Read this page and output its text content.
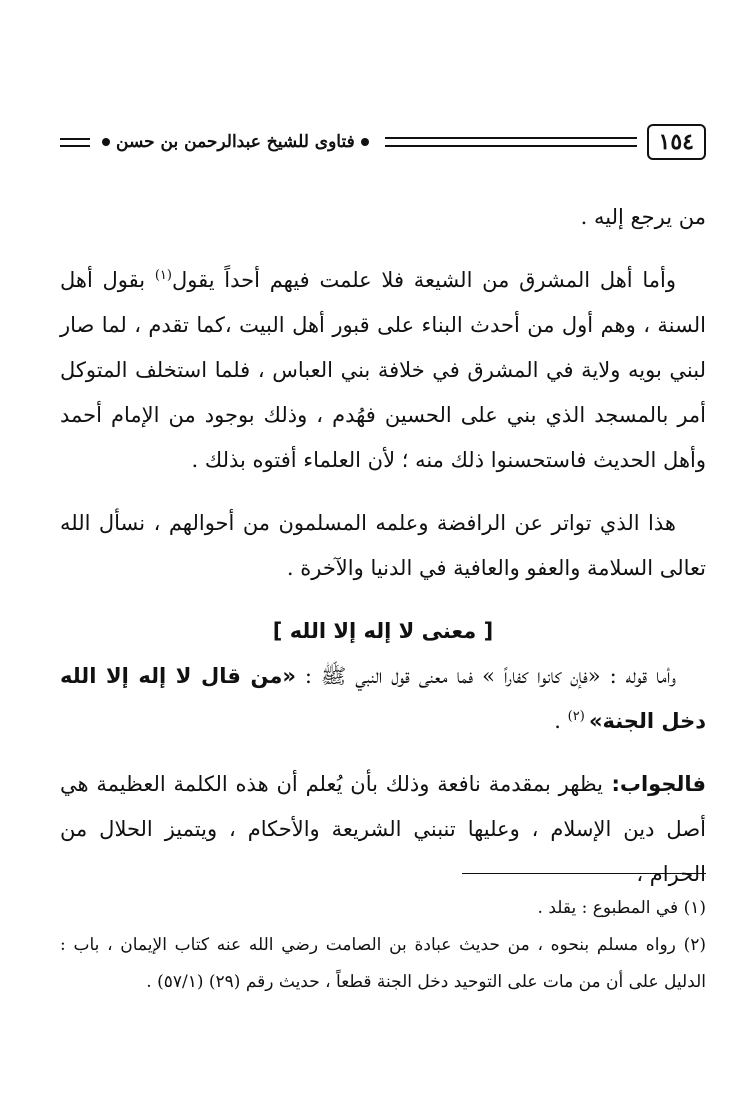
١٥٤
فتاوى للشيخ عبدالرحمن بن حسن

من يرجع إليه .

وأما أهل المشرق من الشيعة فلا علمت فيهم أحداً يقول$^{(١)}$ بقول أهل السنة ، وهم أول من أحدث البناء على قبور أهل البيت ،كما تقدم ، لما صار لبني بويه ولاية في المشرق في خلافة بني العباس ، فلما استخلف المتوكل أمر بالمسجد الذي بني على الحسين فهُدم ، وذلك بوجود من الإمام أحمد وأهل الحديث فاستحسنوا ذلك منه ؛ لأن العلماء أفتوه بذلك .

هذا الذي تواتر عن الرافضة وعلمه المسلمون من أحوالهم ، نسأل الله تعالى السلامة والعفو والعافية في الدنيا والآخرة .

[ معنى لا إله إلا الله ]

وأما قوله : «فإن كانوا كفاراً » فما معنى قول النبي ﷺ : «من قال لا إله إلا الله دخل الجنة» $^{(٢)}$ .

فالجواب: يظهر بمقدمة نافعة وذلك بأن يُعلم أن هذه الكلمة العظيمة هي أصل دين الإسلام ، وعليها تنبني الشريعة والأحكام ، ويتميز الحلال من الحرام ،

(١) في المطبوع : يقلد .

(٢) رواه مسلم بنحوه ، من حديث عبادة بن الصامت رضي الله عنه كتاب الإيمان ، باب : الدليل على أن من مات على التوحيد دخل الجنة قطعاً ، حديث رقم (٢٩) (٥٧/١) .
